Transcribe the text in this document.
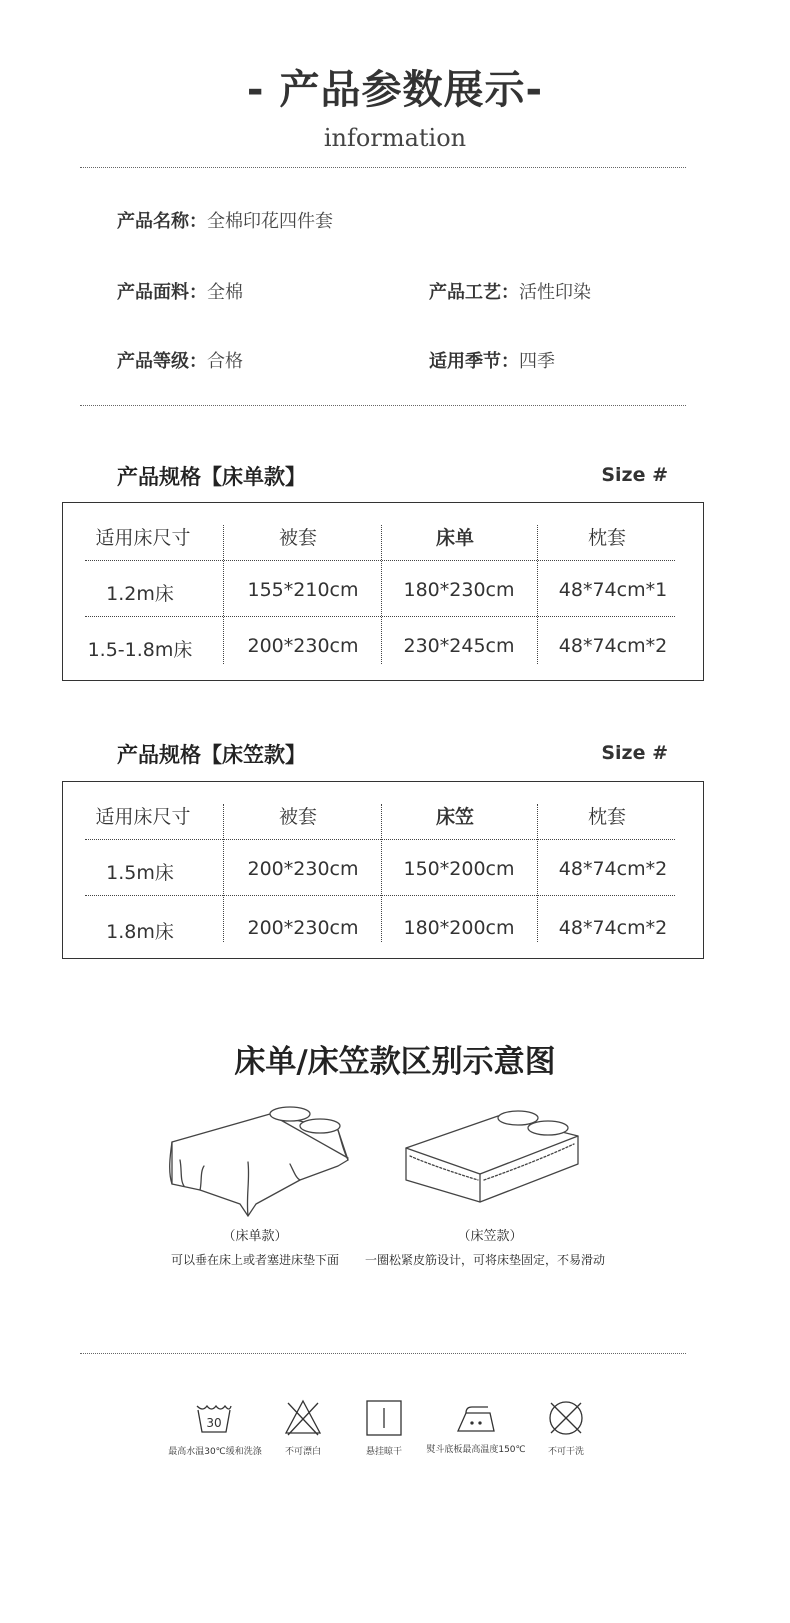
- 产品参数展示-
information
产品名称：全棉印花四件套
产品面料：全棉	产品工艺：活性印染
产品等级：合格	适用季节：四季
产品规格【床单款】	Size #
适用床尺寸	被套	床单	枕套
1.2m床	155*210cm	180*230cm	48*74cm*1
1.5-1.8m床	200*230cm	230*245cm	48*74cm*2
产品规格【床笠款】	Size #
适用床尺寸	被套	床笠	枕套
1.5m床	200*230cm	150*200cm	48*74cm*2
1.8m床	200*230cm	180*200cm	48*74cm*2
床单/床笠款区别示意图
（床单款）
可以垂在床上或者塞进床垫下面
（床笠款）
一圈松紧皮筋设计，可将床垫固定，不易滑动
30
最高水温30℃缓和洗涤	不可漂白	悬挂晾干	熨斗底板最高温度150℃	不可干洗
